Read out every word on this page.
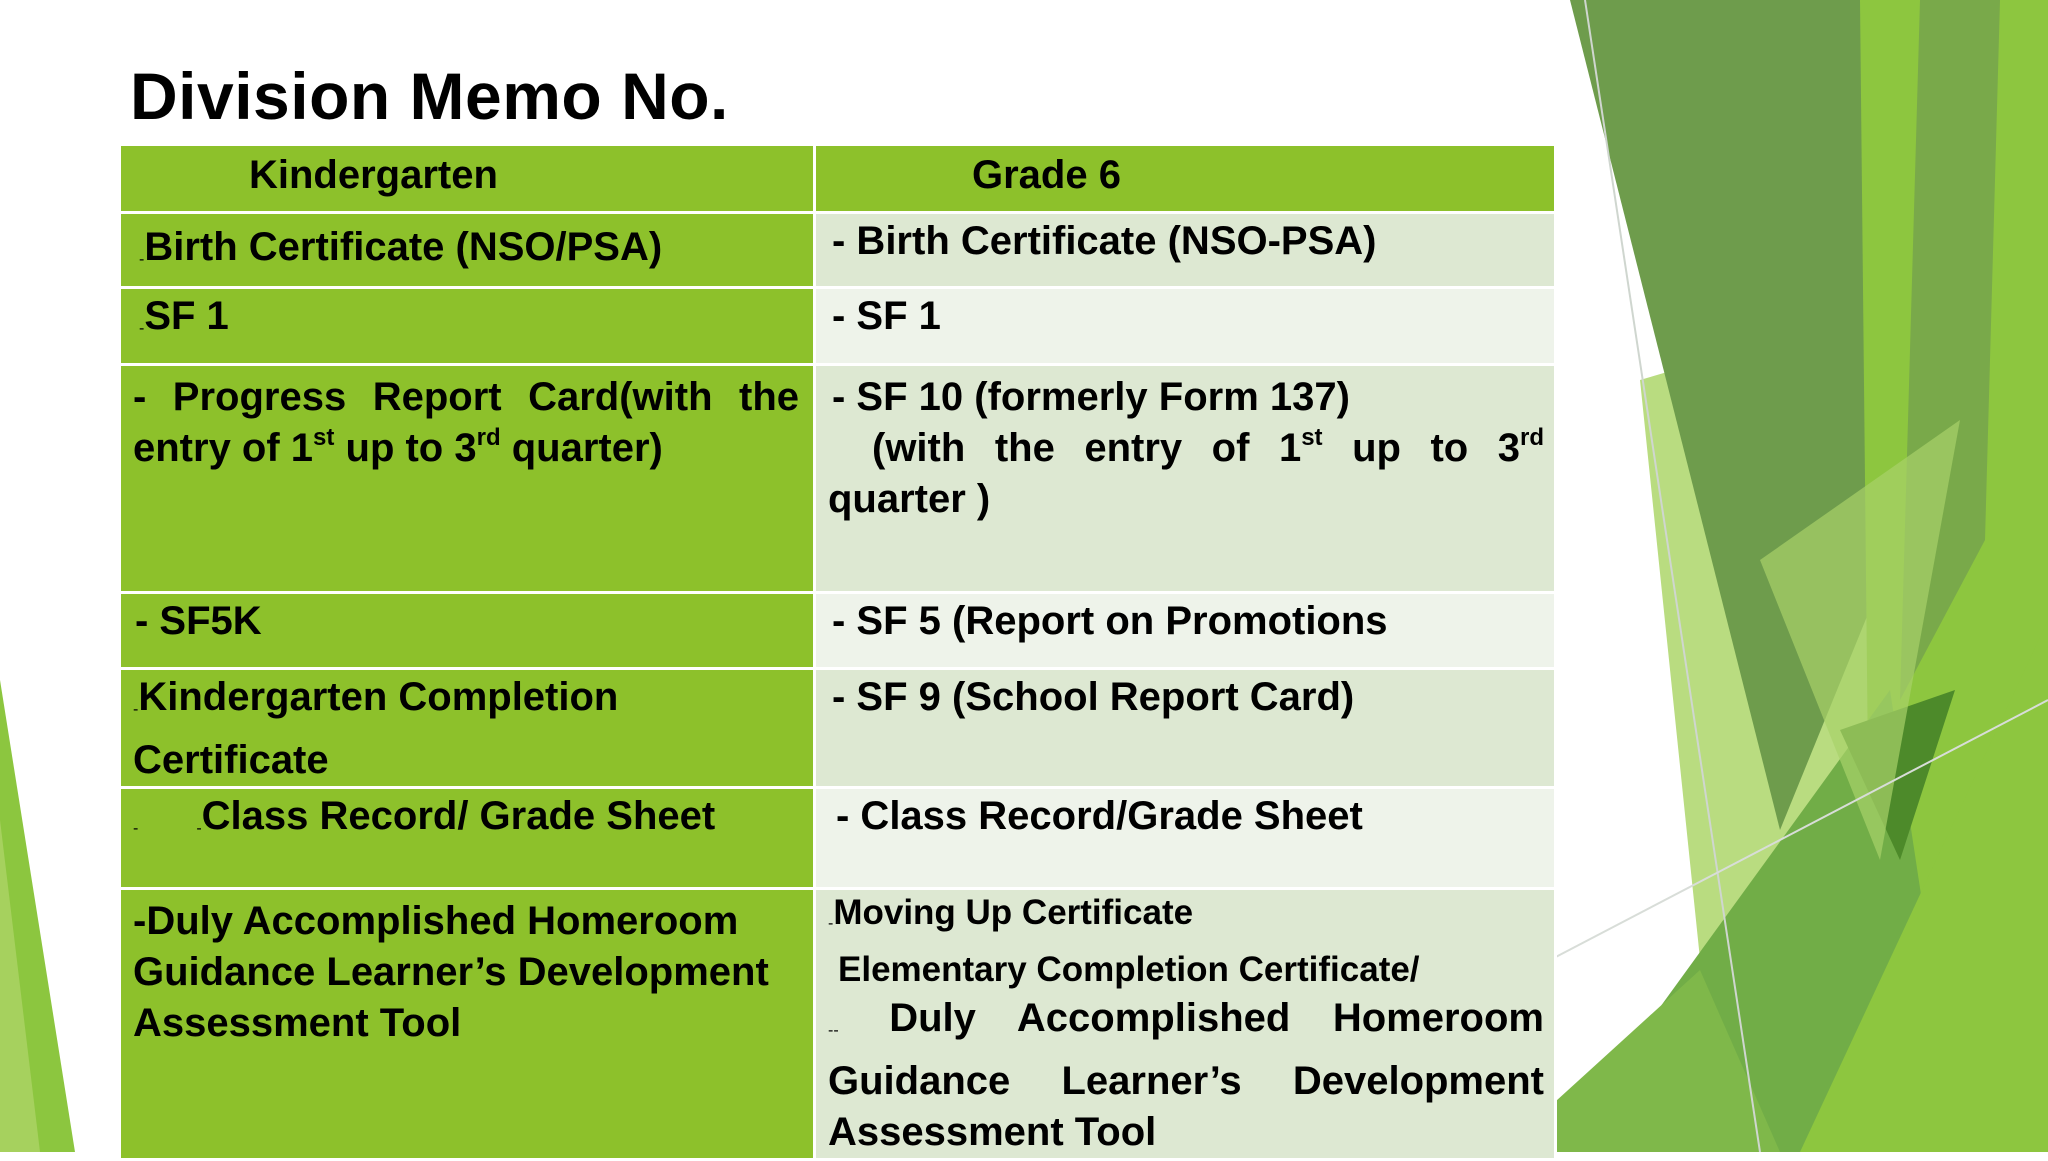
Division Memo No.
Kindergarten	Grade 6
-Birth Certificate (NSO/PSA)	- Birth Certificate (NSO-PSA)
-SF 1	- SF 1
- Progress Report Card(with the entry of 1st up to 3rd quarter)	- SF 10 (formerly Form 137)
(with the entry of 1st up to 3rd quarter )
- SF5K	- SF 5 (Report on Promotions
-Kindergarten Completion Certificate	- SF 9 (School Report Card)
- -Class Record/ Grade Sheet	- Class Record/Grade Sheet
-Duly Accomplished Homeroom Guidance Learner’s Development Assessment Tool	-Moving Up Certificate
Elementary Completion Certificate/
-- Duly Accomplished Homeroom Guidance Learner’s Development Assessment Tool
